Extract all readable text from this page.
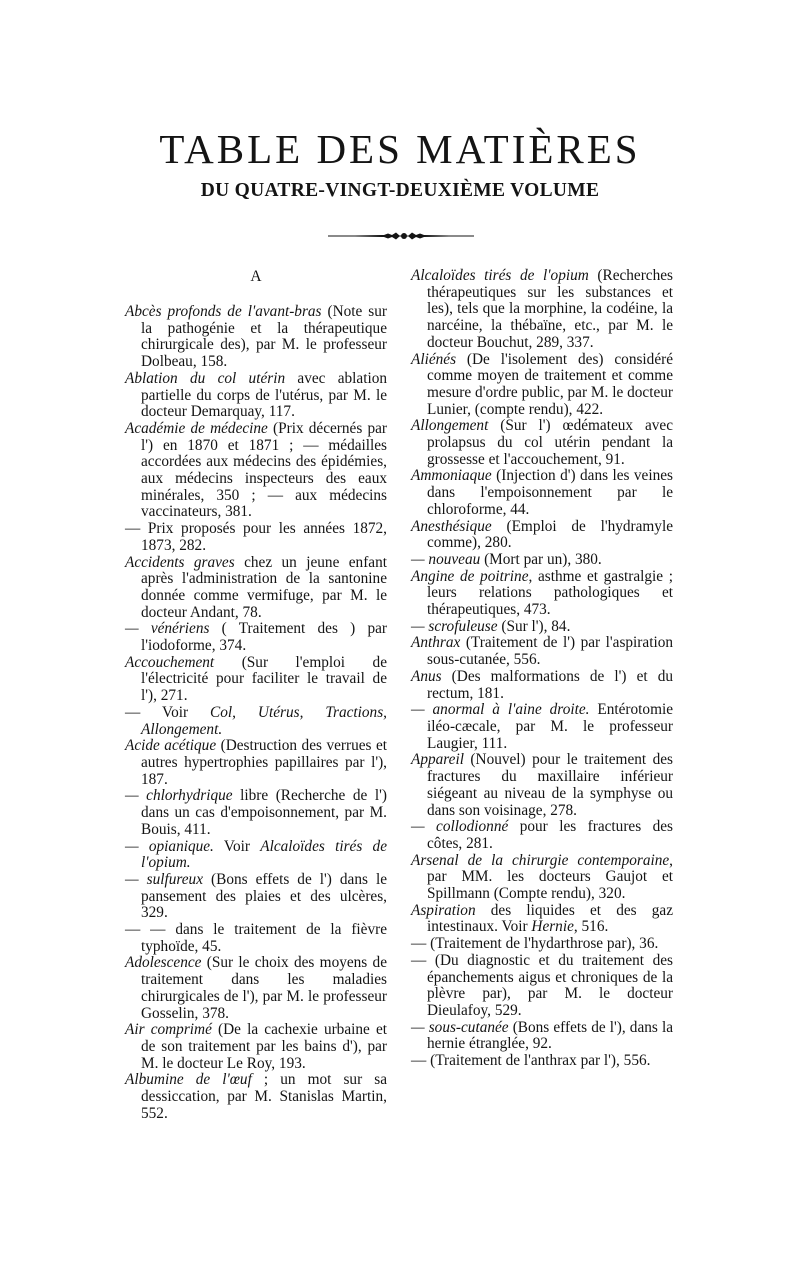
TABLE DES MATIÈRES
DU QUATRE-VINGT-DEUXIÈME VOLUME
A

Abcès profonds de l'avant-bras (Note sur la pathogénie et la thérapeutique chirurgicale des), par M. le professeur Dolbeau, 158.

Ablation du col utérin avec ablation partielle du corps de l'utérus, par M. le docteur Demarquay, 117.

Académie de médecine (Prix décernés par l') en 1870 et 1871 ; — médailles accordées aux médecins des épidémies, aux médecins inspecteurs des eaux minérales, 350 ; — aux médecins vaccinateurs, 381.

— Prix proposés pour les années 1872, 1873, 282.

Accidents graves chez un jeune enfant après l'administration de la santonine donnée comme vermifuge, par M. le docteur Andant, 78.

— vénériens ( Traitement des ) par l'iodoforme, 374.

Accouchement (Sur l'emploi de l'électricité pour faciliter le travail de l'), 271.

— Voir Col, Utérus, Tractions, Allongement.

Acide acétique (Destruction des verrues et autres hypertrophies papillaires par l'), 187.

— chlorhydrique libre (Recherche de l') dans un cas d'empoisonnement, par M. Bouis, 411.

— opianique. Voir Alcaloïdes tirés de l'opium.

— sulfureux (Bons effets de l') dans le pansement des plaies et des ulcères, 329.

— — dans le traitement de la fièvre typhoïde, 45.

Adolescence (Sur le choix des moyens de traitement dans les maladies chirurgicales de l'), par M. le professeur Gosselin, 378.

Air comprimé (De la cachexie urbaine et de son traitement par les bains d'), par M. le docteur Le Roy, 193.

Albumine de l'œuf ; un mot sur sa dessiccation, par M. Stanislas Martin, 552.

Alcaloïdes tirés de l'opium (Recherches thérapeutiques sur les substances et les), tels que la morphine, la codéine, la narcéine, la thébaïne, etc., par M. le docteur Bouchut, 289, 337.

Aliénés (De l'isolement des) considéré comme moyen de traitement et comme mesure d'ordre public, par M. le docteur Lunier, (compte rendu), 422.

Allongement (Sur l') œdémateux avec prolapsus du col utérin pendant la grossesse et l'accouchement, 91.

Ammoniaque (Injection d') dans les veines dans l'empoisonnement par le chloroforme, 44.

Anesthésique (Emploi de l'hydramyle comme), 280.

— nouveau (Mort par un), 380.

Angine de poitrine, asthme et gastralgie ; leurs relations pathologiques et thérapeutiques, 473.

— scrofuleuse (Sur l'), 84.

Anthrax (Traitement de l') par l'aspiration sous-cutanée, 556.

Anus (Des malformations de l') et du rectum, 181.

— anormal à l'aine droite. Entérotomie iléo-cæcale, par M. le professeur Laugier, 111.

Appareil (Nouvel) pour le traitement des fractures du maxillaire inférieur siégeant au niveau de la symphyse ou dans son voisinage, 278.

— collodionné pour les fractures des côtes, 281.

Arsenal de la chirurgie contemporaine, par MM. les docteurs Gaujot et Spillmann (Compte rendu), 320.

Aspiration des liquides et des gaz intestinaux. Voir Hernie, 516.

— (Traitement de l'hydarthrose par), 36.

— (Du diagnostic et du traitement des épanchements aigus et chroniques de la plèvre par), par M. le docteur Dieulafoy, 529.

— sous-cutanée (Bons effets de l'), dans la hernie étranglée, 92.

— (Traitement de l'anthrax par l'), 556.
